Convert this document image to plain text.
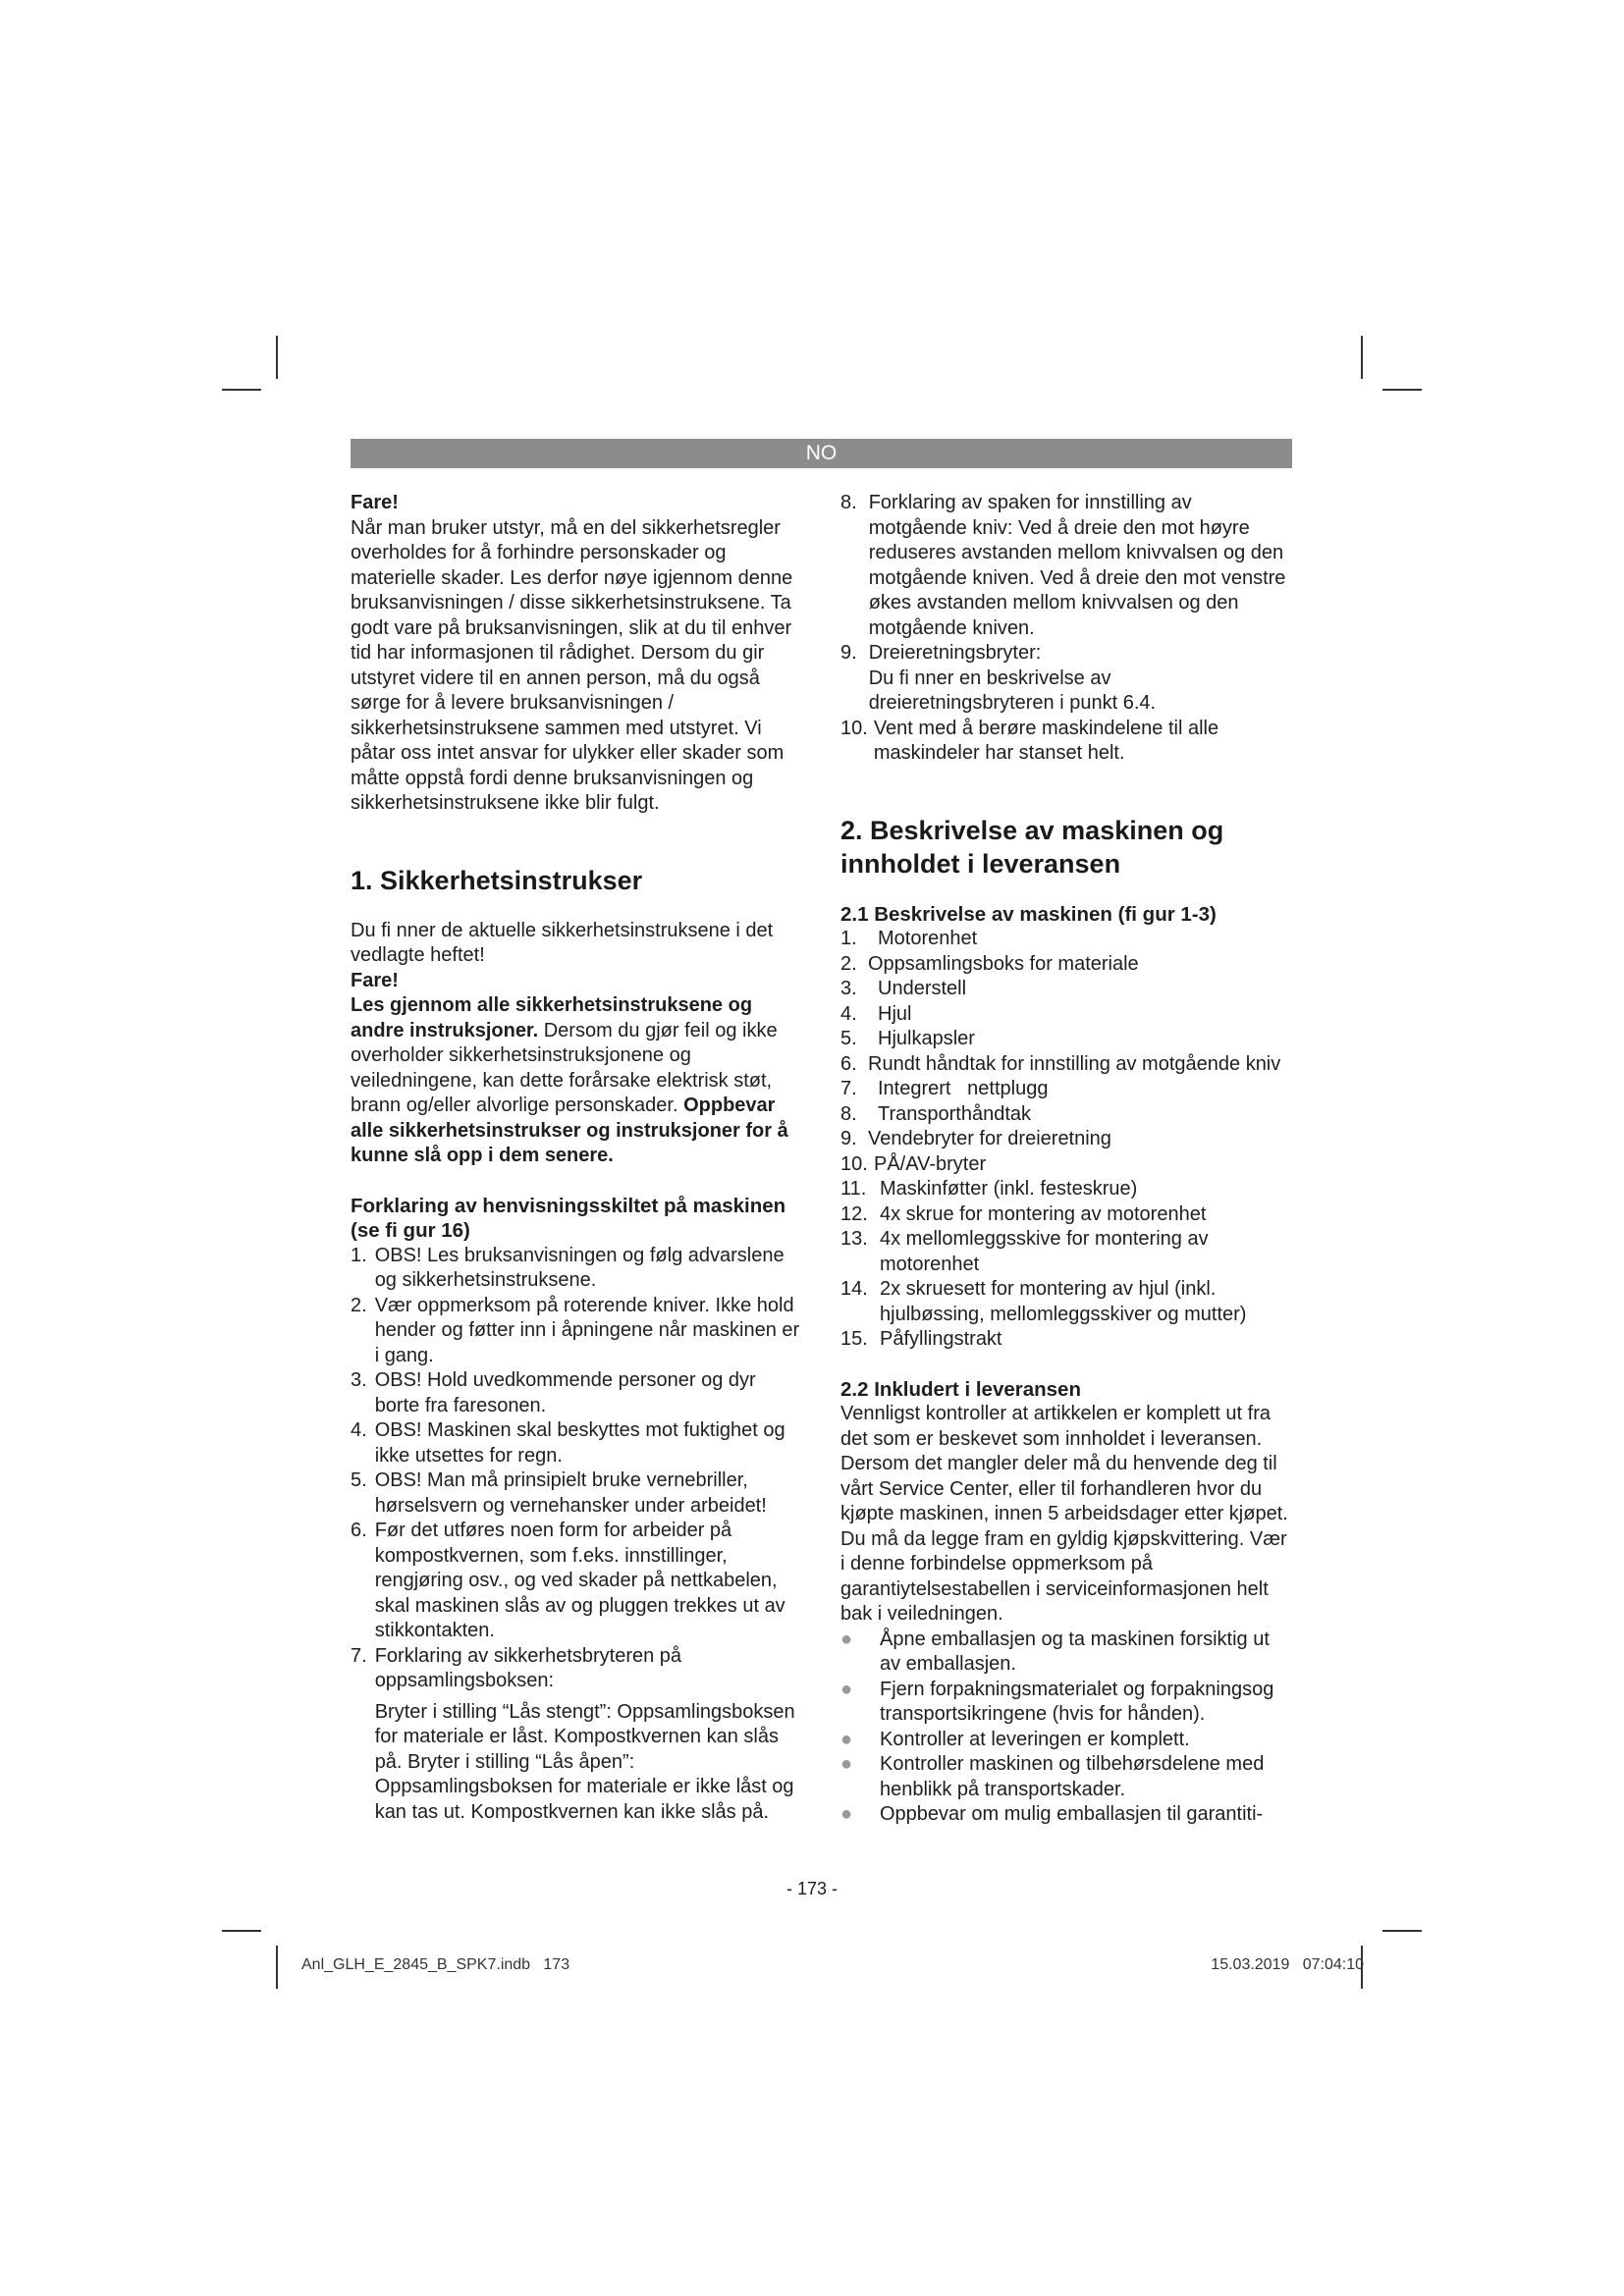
NO

Fare!

Når man bruker utstyr, må en del sikkerhetsregler overholdes for å forhindre personskader og materielle skader. Les derfor nøye igjennom denne bruksanvisningen / disse sikkerhetsinstruksene. Ta godt vare på bruksanvisningen, slik at du til enhver tid har informasjonen til rådighet. Dersom du gir utstyret videre til en annen person, må du også sørge for å levere bruksanvisningen / sikkerhetsinstruksene sammen med utstyret. Vi påtar oss intet ansvar for ulykker eller skader som måtte oppstå fordi denne bruksanvisningen og sikkerhetsinstruksene ikke blir fulgt.

1. Sikkerhetsinstrukser

Du fi nner de aktuelle sikkerhetsinstruksene i det vedlagte heftet!

Fare!

Les gjennom alle sikkerhetsinstruksene og andre instruksjoner. Dersom du gjør feil og ikke overholder sikkerhetsinstruksjonene og veiledningene, kan dette forårsake elektrisk støt, brann og/eller alvorlige personskader. Oppbevar alle sikkerhetsinstrukser og instruksjoner for å kunne slå opp i dem senere.

Forklaring av henvisningsskiltet på maskinen (se fi gur 16)

1. OBS! Les bruksanvisningen og følg advarslene og sikkerhetsinstruksene.
2. Vær oppmerksom på roterende kniver. Ikke hold hender og føtter inn i åpningene når maskinen er i gang.
3. OBS! Hold uvedkommende personer og dyr borte fra faresonen.
4. OBS! Maskinen skal beskyttes mot fuktighet og ikke utsettes for regn.
5. OBS! Man må prinsipielt bruke vernebriller, hørselsvern og vernehansker under arbeidet!
6. Før det utføres noen form for arbeider på kompostkvernen, som f.eks. innstillinger, rengjøring osv., og ved skader på nettkabelen, skal maskinen slås av og pluggen trekkes ut av stikkontakten.
7. Forklaring av sikkerhetsbryteren på oppsamlingsboksen:

Bryter i stilling “Lås stengt”: Oppsamlingsboksen for materiale er låst. Kompostkvernen kan slås på. Bryter i stilling “Lås åpen”: Oppsamlingsboksen for materiale er ikke låst og kan tas ut. Kompostkvernen kan ikke slås på.
8. Forklaring av spaken for innstilling av motgående kniv: Ved å dreie den mot høyre reduseres avstanden mellom knivvalsen og den motgående kniven. Ved å dreie den mot venstre økes avstanden mellom knivvalsen og den motgående kniven.
9. Dreieretningsbryter:
Du fi nner en beskrivelse av dreieretningsbryteren i punkt 6.4.
10. Vent med å berøre maskindelene til alle maskindeler har stanset helt.

2. Beskrivelse av maskinen og innholdet i leveransen

2.1 Beskrivelse av maskinen (fi gur 1-3)

1.	Motorenhet
2. Oppsamlingsboks for materiale
3.	Understell
4.	Hjul
5.	Hjulkapsler
6. Rundt håndtak for innstilling av motgående kniv
7.	Integrert   nettplugg
8.	Transporthåndtak
9. Vendebryter for dreieretning
10. PÅ/AV-bryter
11. Maskinføtter (inkl. festeskrue)
12. 4x skrue for montering av motorenhet
13. 4x mellomleggsskive for montering av motorenhet
14. 2x skruesett for montering av hjul (inkl. hjulbøssing, mellomleggsskiver og mutter)
15. Påfyllingstrakt

2.2 Inkludert i leveransen

Vennligst kontroller at artikkelen er komplett ut fra det som er beskevet som innholdet i leveransen. Dersom det mangler deler må du henvende deg til vårt Service Center, eller til forhandleren hvor du kjøpte maskinen, innen 5 arbeidsdager etter kjøpet. Du må da legge fram en gyldig kjøpskvittering. Vær i denne forbindelse oppmerksom på garantiytelsestabellen i serviceinformasjonen helt bak i veiledningen.

●	Åpne emballasjen og ta maskinen forsiktig ut av emballasjen.
●	Fjern forpakningsmaterialet og forpakningsog transportsikringene (hvis for hånden).
●	Kontroller at leveringen er komplett.
●	Kontroller maskinen og tilbehørsdelene med henblikk på transportskader.
●	Oppbevar om mulig emballasjen til garantiti-
- 173 -
Anl_GLH_E_2845_B_SPK7.indb   173	15.03.2019   07:04:10
